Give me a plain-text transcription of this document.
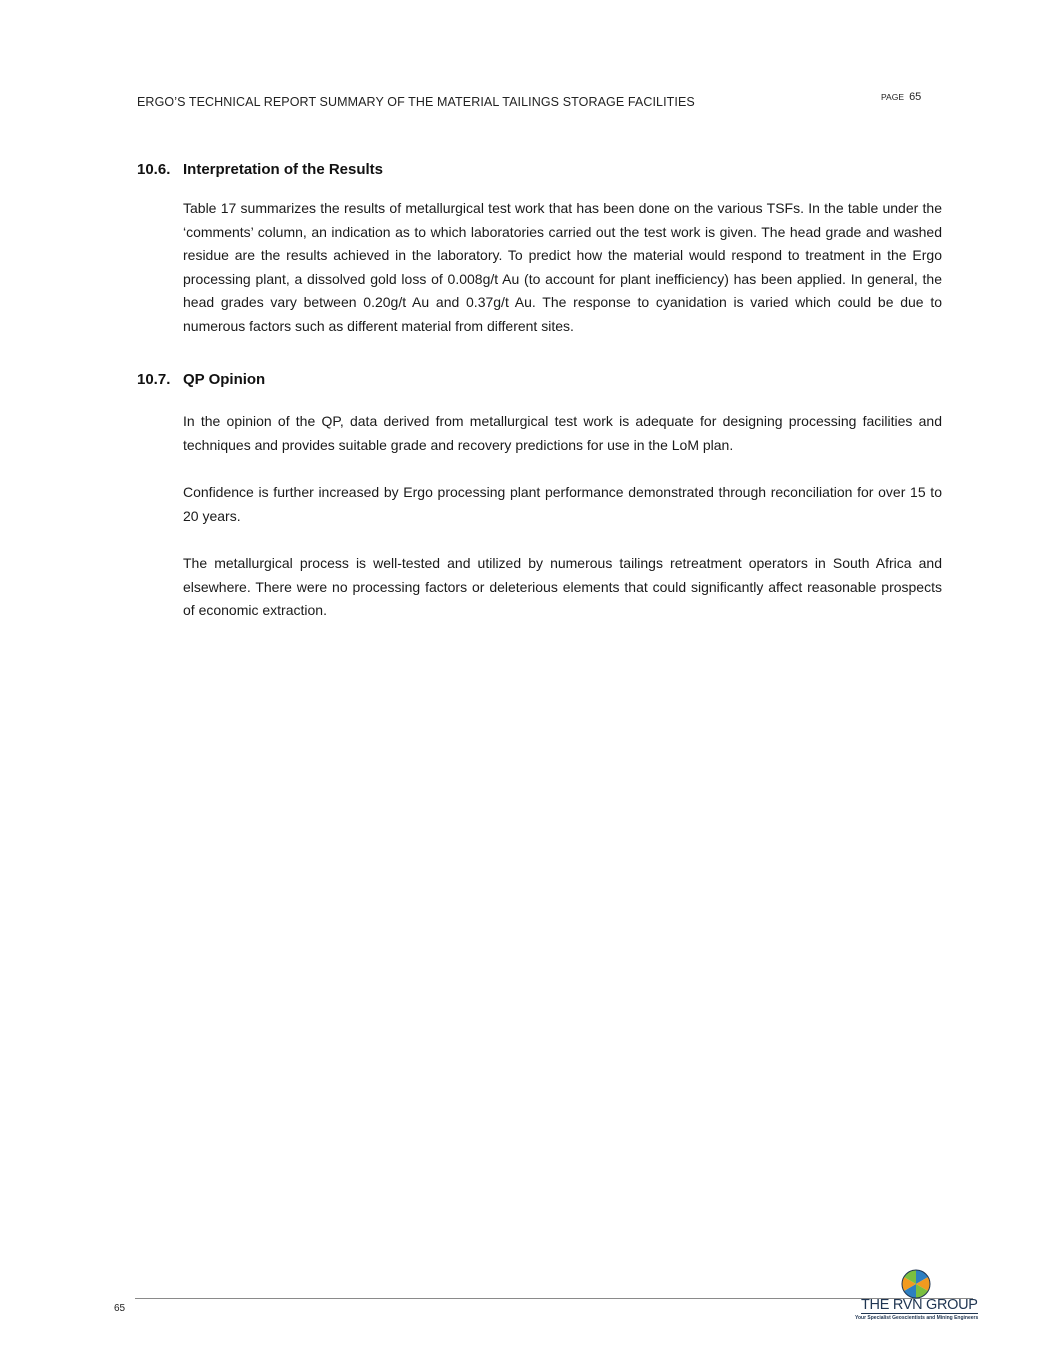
ERGO’S TECHNICAL REPORT SUMMARY OF THE MATERIAL TAILINGS STORAGE FACILITIES	PAGE 65
10.6. Interpretation of the Results

Table 17 summarizes the results of metallurgical test work that has been done on the various TSFs. In the table under the ‘comments’ column, an indication as to which laboratories carried out the test work is given. The head grade and washed residue are the results achieved in the laboratory. To predict how the material would respond to treatment in the Ergo processing plant, a dissolved gold loss of 0.008g/t Au (to account for plant inefficiency) has been applied. In general, the head grades vary between 0.20g/t Au and 0.37g/t Au. The response to cyanidation is varied which could be due to numerous factors such as different material from different sites.

10.7. QP Opinion

In the opinion of the QP, data derived from metallurgical test work is adequate for designing processing facilities and techniques and provides suitable grade and recovery predictions for use in the LoM plan.

Confidence is further increased by Ergo processing plant performance demonstrated through reconciliation for over 15 to 20 years.

The metallurgical process is well-tested and utilized by numerous tailings retreatment operators in South Africa and elsewhere. There were no processing factors or deleterious elements that could significantly affect reasonable prospects of economic extraction.

65	THE RVN GROUP
Your Specialist Geoscientists and Mining Engineers
